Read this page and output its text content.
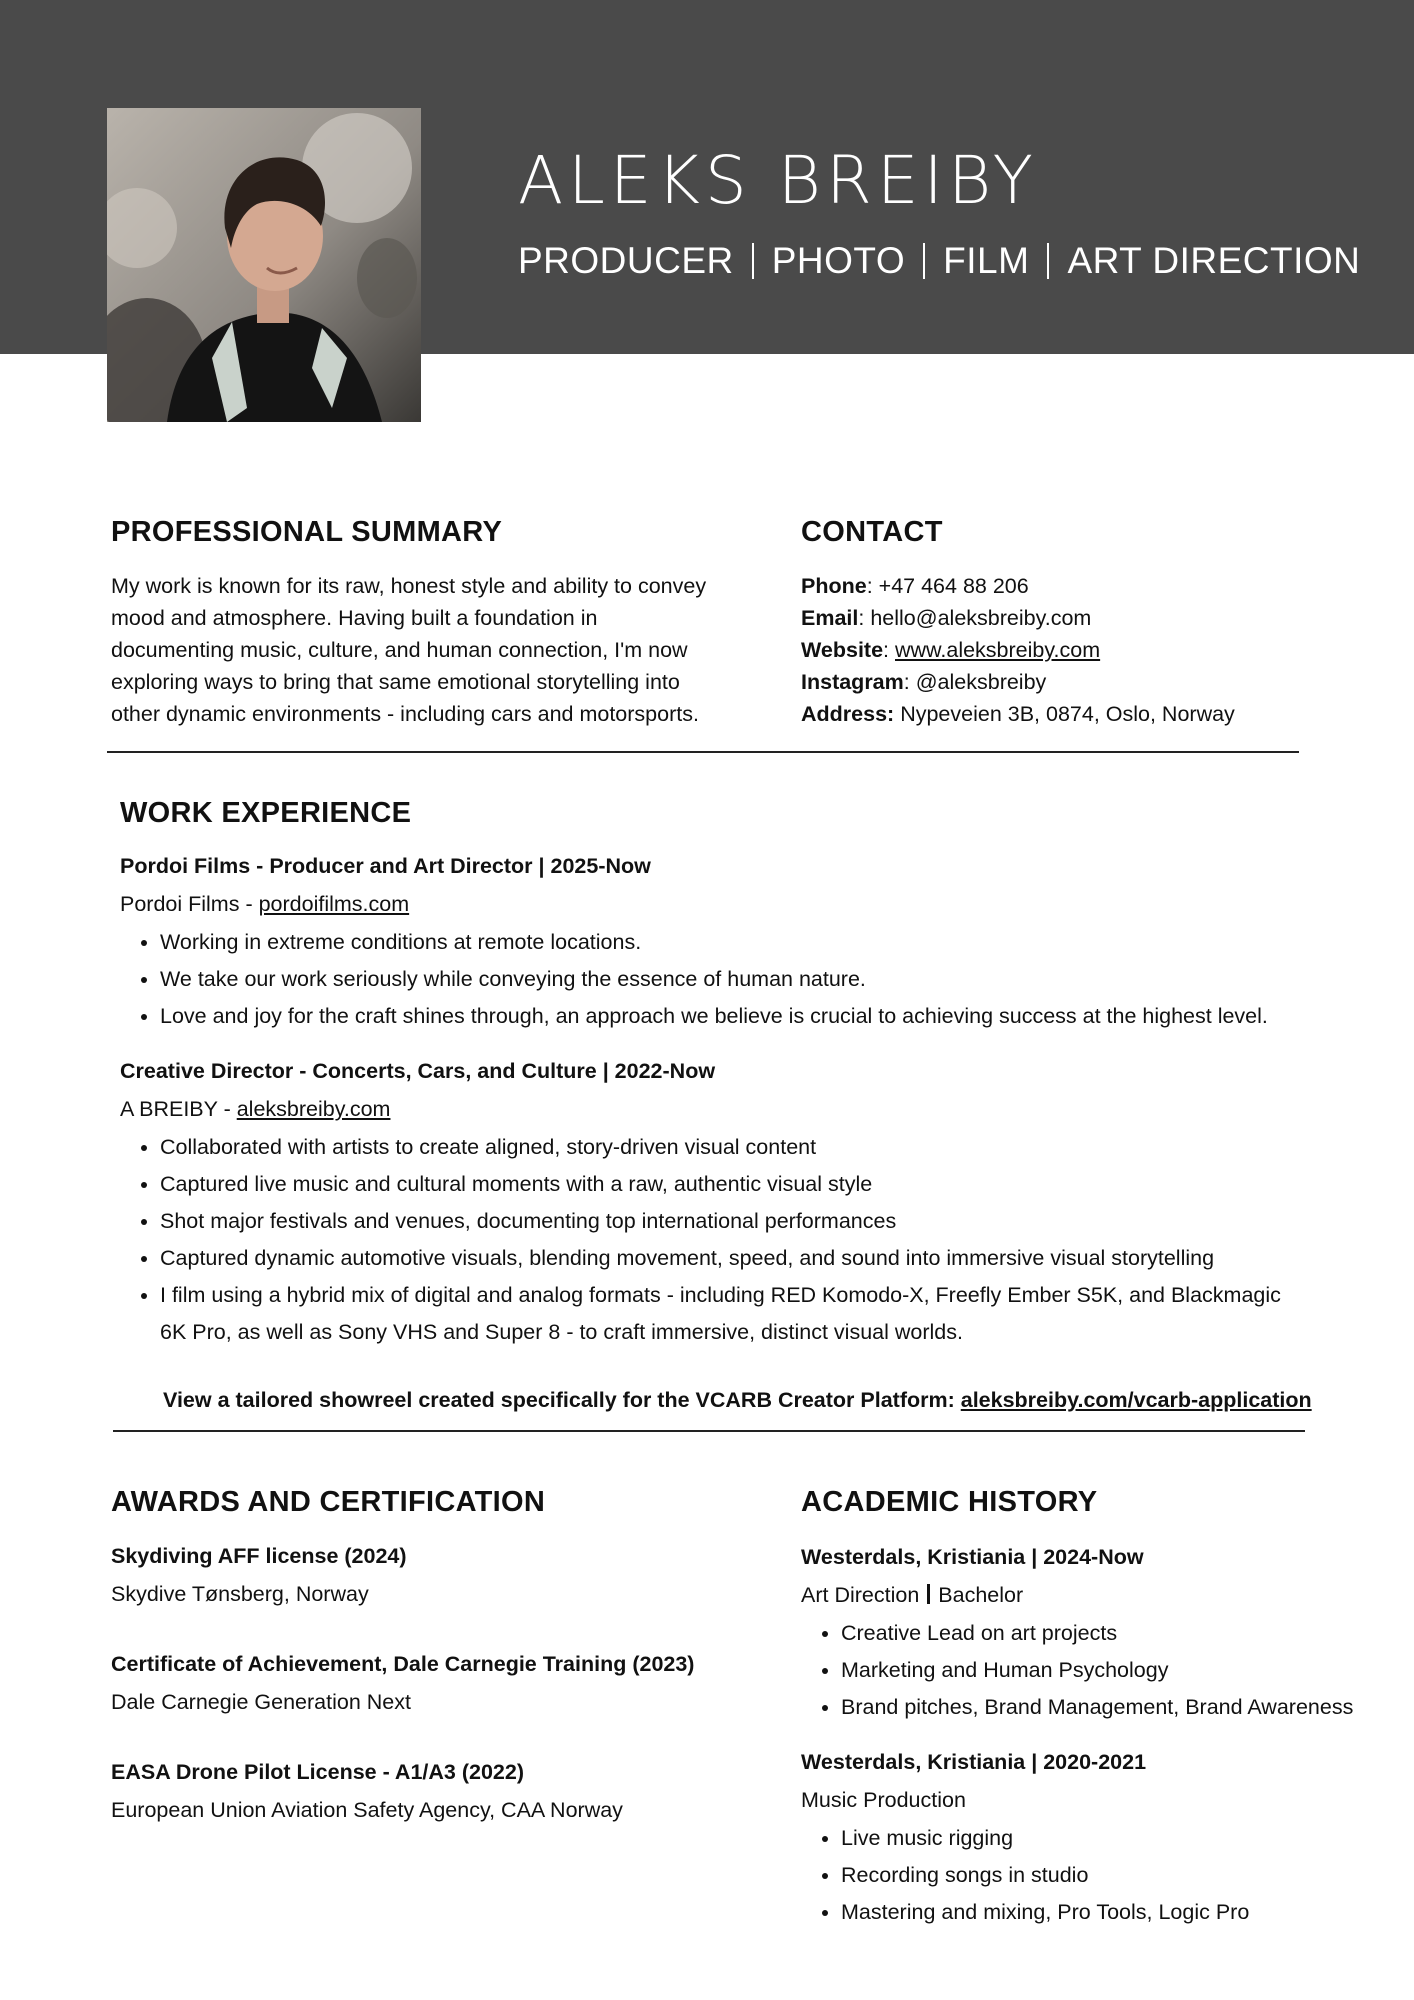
ALEKS BREIBY
PRODUCER PHOTO FILM ART DIRECTION
PROFESSIONAL SUMMARY
My work is known for its raw, honest style and ability to convey mood and atmosphere. Having built a foundation in documenting music, culture, and human connection, I'm now exploring ways to bring that same emotional storytelling into other dynamic environments - including cars and motorsports.
CONTACT
Phone: +47 464 88 206
Email: hello@aleksbreiby.com
Website: www.aleksbreiby.com
Instagram: @aleksbreiby
Address: Nypeveien 3B, 0874, Oslo, Norway
WORK EXPERIENCE
Pordoi Films - Producer and Art Director | 2025-Now
Pordoi Films - pordoifilms.com
• Working in extreme conditions at remote locations.
• We take our work seriously while conveying the essence of human nature.
• Love and joy for the craft shines through, an approach we believe is crucial to achieving success at the highest level.
Creative Director - Concerts, Cars, and Culture | 2022-Now
A BREIBY - aleksbreiby.com
• Collaborated with artists to create aligned, story-driven visual content
• Captured live music and cultural moments with a raw, authentic visual style
• Shot major festivals and venues, documenting top international performances
• Captured dynamic automotive visuals, blending movement, speed, and sound into immersive visual storytelling
• I film using a hybrid mix of digital and analog formats - including RED Komodo-X, Freefly Ember S5K, and Blackmagic 6K Pro, as well as Sony VHS and Super 8 - to craft immersive, distinct visual worlds.
View a tailored showreel created specifically for the VCARB Creator Platform: aleksbreiby.com/vcarb-application
AWARDS AND CERTIFICATION
Skydiving AFF license (2024)
Skydive Tønsberg, Norway
Certificate of Achievement, Dale Carnegie Training (2023)
Dale Carnegie Generation Next
EASA Drone Pilot License - A1/A3 (2022)
European Union Aviation Safety Agency, CAA Norway
ACADEMIC HISTORY
Westerdals, Kristiania | 2024-Now
Art Direction Bachelor
• Creative Lead on art projects
• Marketing and Human Psychology
• Brand pitches, Brand Management, Brand Awareness
Westerdals, Kristiania | 2020-2021
Music Production
• Live music rigging
• Recording songs in studio
• Mastering and mixing, Pro Tools, Logic Pro
